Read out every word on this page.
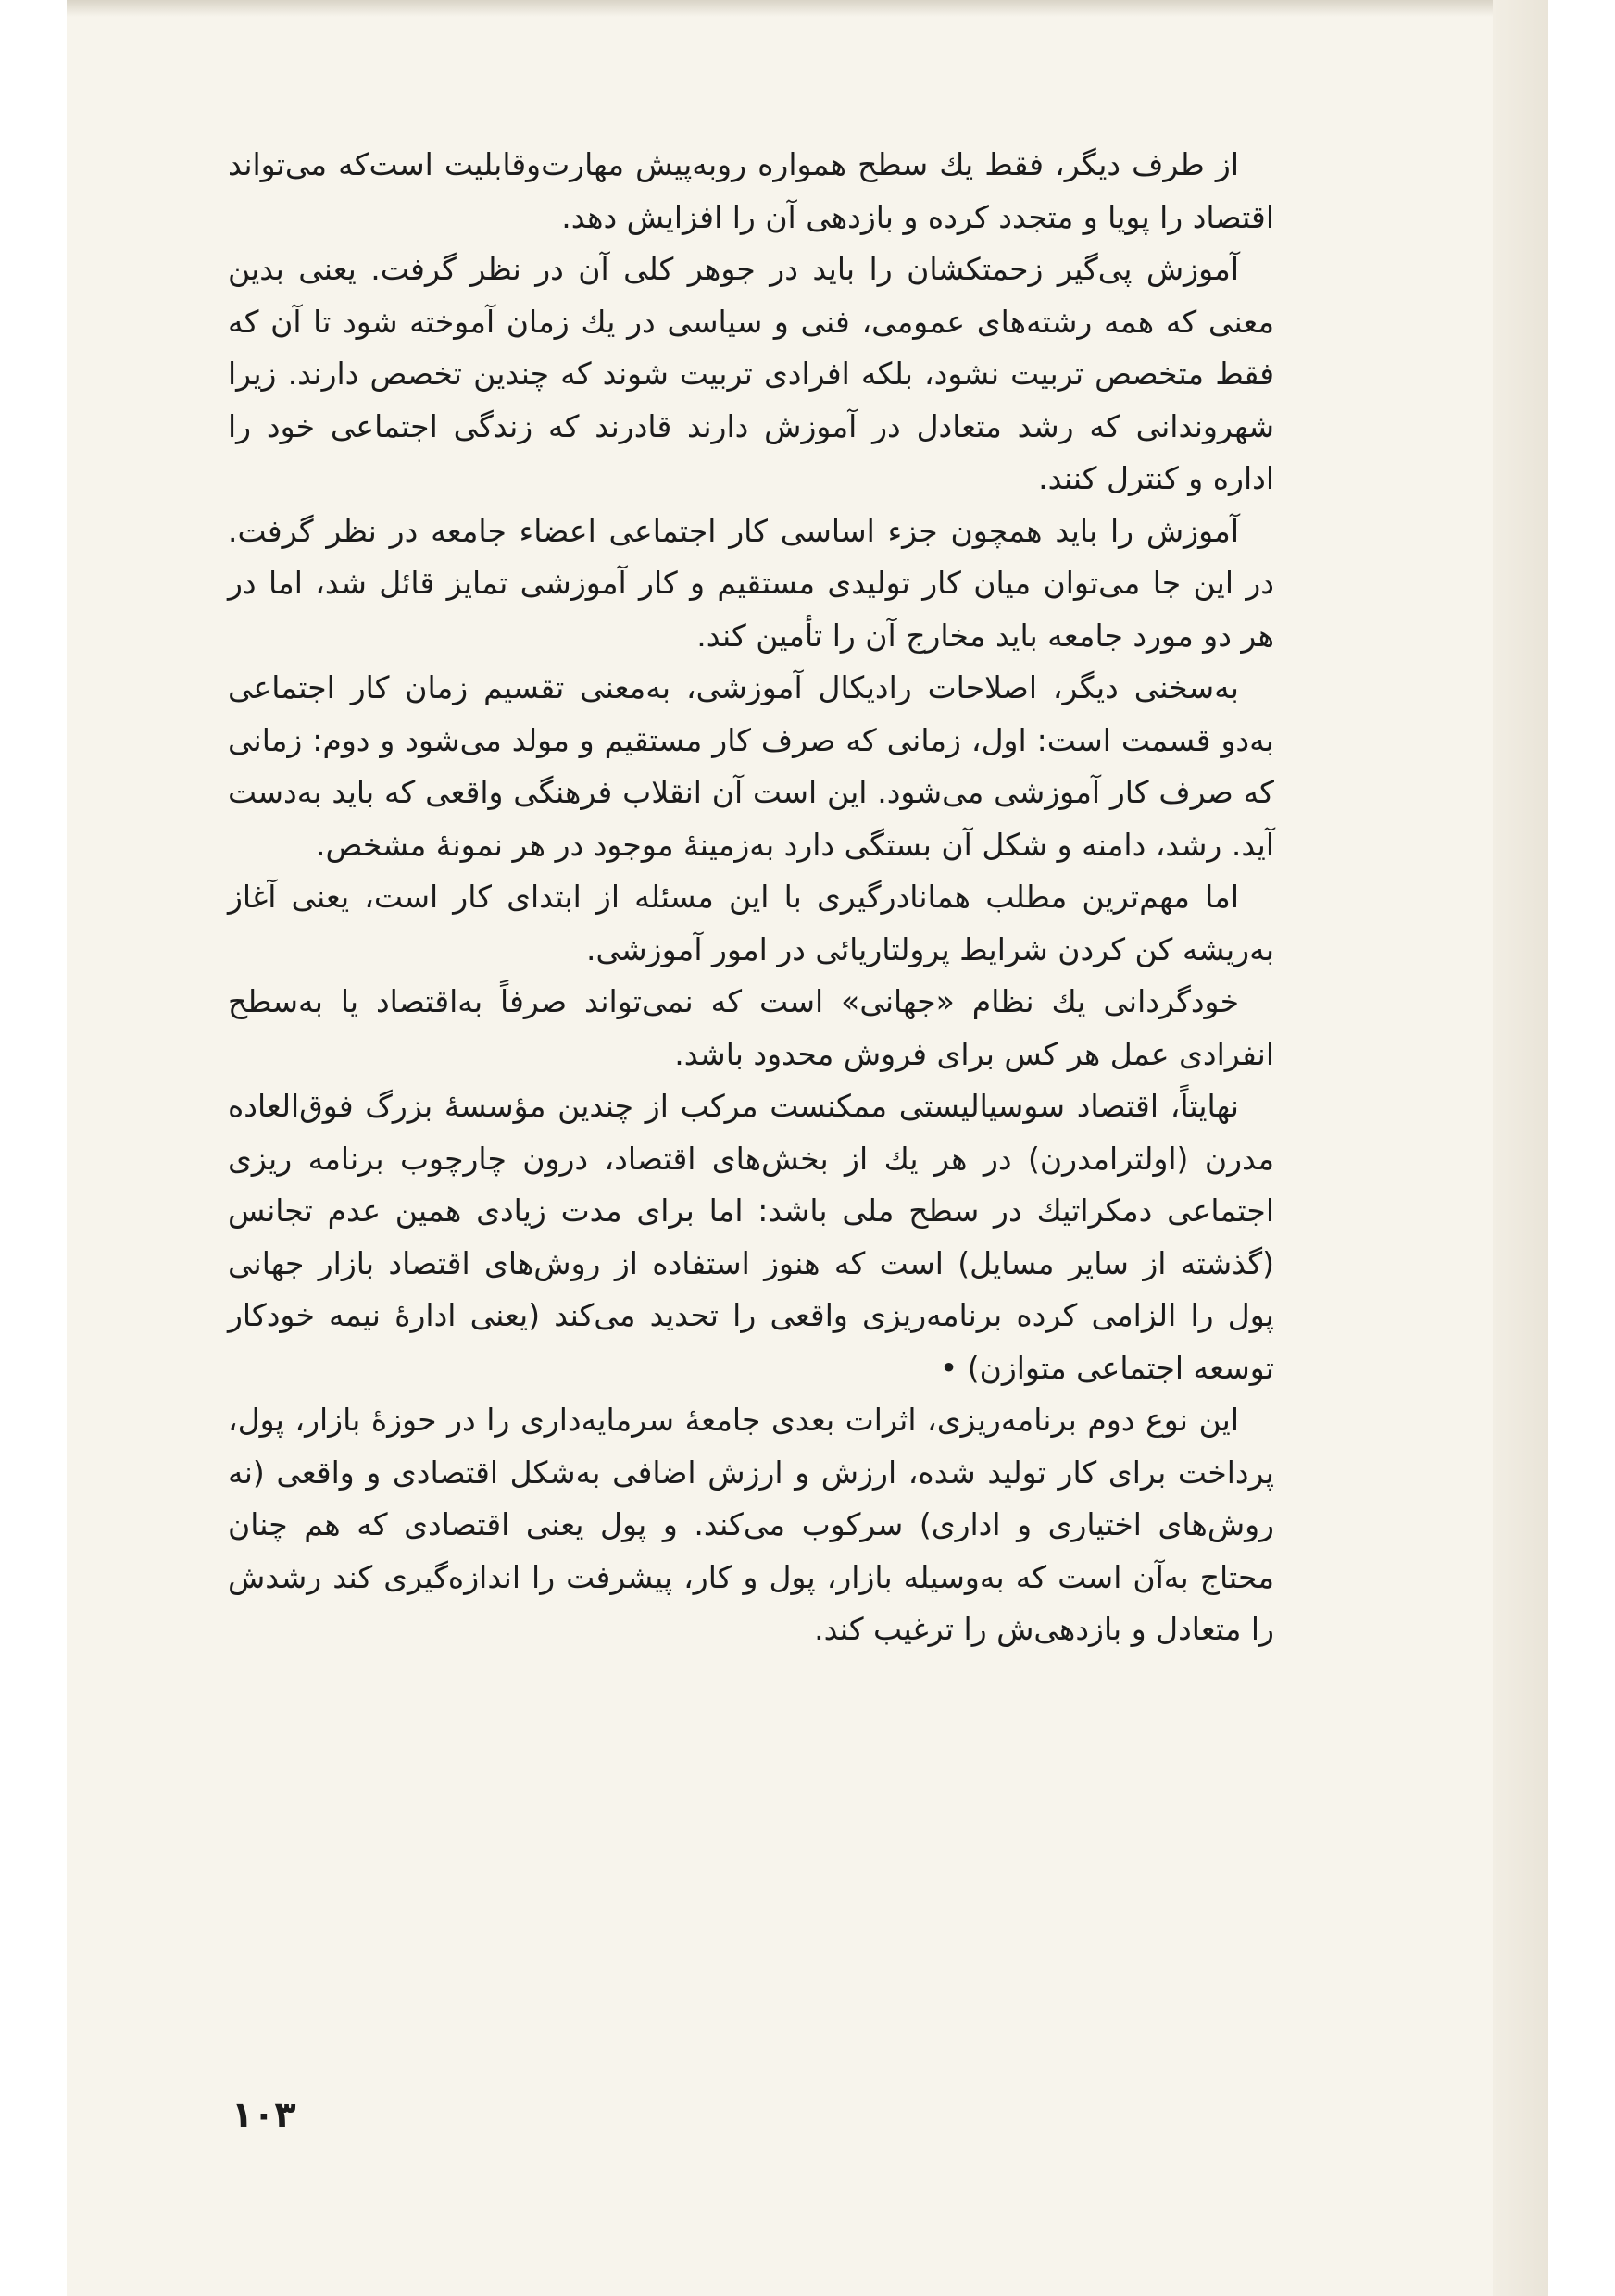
از طرف دیگر، فقط یك سطح همواره روبه‌پیش مهارت‌وقابلیت است‌که می‌تواند اقتصاد را پویا و متجدد کرده و بازدهی آن را افزایش دهد.

آموزش پی‌گیر زحمتکشان را باید در جوهر کلی آن در نظر گرفت. یعنی بدین معنی که همه رشته‌های عمومی، فنی و سیاسی در یك زمان آموخته شود تا آن که فقط متخصص تربیت نشود، بلکه افرادی تربیت شوند که چندین تخصص دارند. زیرا شهروندانی که رشد متعادل در آموزش دارند قادرند که زندگی اجتماعی خود را اداره و کنترل کنند.

آموزش را باید همچون جزء اساسی کار اجتماعی اعضاء جامعه در نظر گرفت. در این جا می‌توان میان کار تولیدی مستقیم و کار آموزشی تمایز قائل شد، اما در هر دو مورد جامعه باید مخارج آن را تأمین کند.

به‌سخنی دیگر، اصلاحات رادیکال آموزشی، به‌معنی تقسیم زمان کار اجتماعی به‌دو قسمت است: اول، زمانی که صرف کار مستقیم و مولد می‌شود و دوم: زمانی که صرف کار آموزشی می‌شود. این است آن انقلاب فرهنگی واقعی که باید به‌دست آید. رشد، دامنه و شکل آن بستگی دارد به‌زمینهٔ موجود در هر نمونهٔ مشخص.

اما مهم‌ترین مطلب همانادرگیری با این مسئله از ابتدای کار است، یعنی آغاز به‌ریشه کن کردن شرایط پرولتاریائی در امور آموزشی.

خودگردانی یك نظام «جهانی» است که نمی‌تواند صرفاً به‌اقتصاد یا به‌سطح انفرادی عمل هر کس برای فروش محدود باشد.

نهایتاً، اقتصاد سوسیالیستی ممکنست مرکب از چندین مؤسسهٔ بزرگ فوق‌العاده مدرن (اولترامدرن) در هر یك از بخش‌های اقتصاد، درون چارچوب برنامه ریزی اجتماعی دمکراتیك در سطح ملی باشد: اما برای مدت زیادی همین عدم تجانس (گذشته از سایر مسایل) است که هنوز استفاده از روش‌های اقتصاد بازار جهانی پول را الزامی کرده برنامه‌ریزی واقعی را تحدید می‌کند (یعنی ادارهٔ نیمه خودکار توسعه اجتماعی متوازن) •

این نوع دوم برنامه‌ریزی، اثرات بعدی جامعهٔ سرمایه‌داری را در حوزهٔ بازار، پول، پرداخت برای کار تولید شده، ارزش و ارزش اضافی به‌شکل اقتصادی و واقعی (نه روش‌های اختیاری و اداری) سرکوب می‌کند. و پول یعنی اقتصادی که هم چنان محتاج به‌آن است که به‌وسیله بازار، پول و کار، پیشرفت را اندازه‌گیری کند رشدش را متعادل و بازدهی‌ش را ترغیب کند.

۱۰۳
